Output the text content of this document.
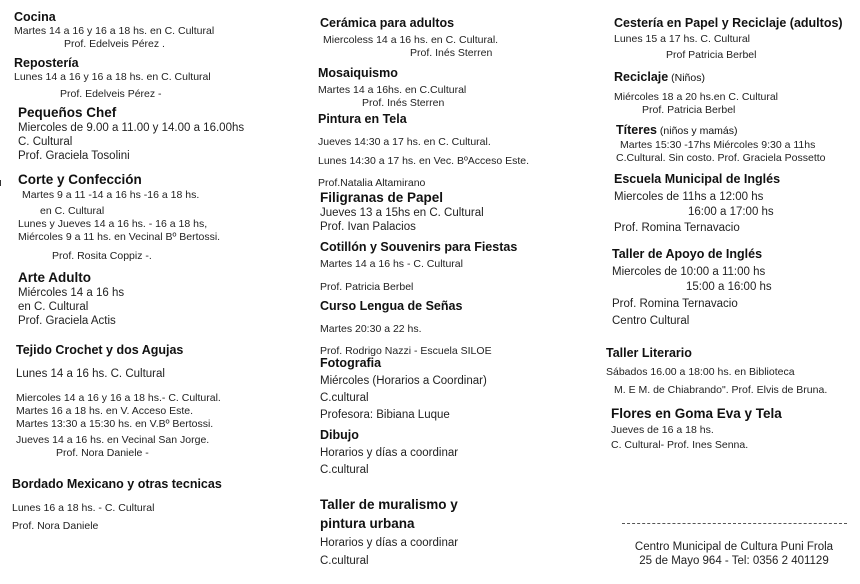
Cocina
Martes 14 a 16 y 16 a 18 hs. en C. Cultural
Prof. Edelveis Pérez .
Repostería
Lunes 14 a 16 y 16 a 18 hs. en C. Cultural
Prof. Edelveis Pérez -
Pequeños Chef
Miercoles de 9.00 a 11.00 y 14.00 a 16.00hs
C. Cultural
Prof. Graciela Tosolini
Corte y Confección
Martes 9 a 11 -14 a 16 hs -16 a 18 hs.
en C. Cultural
Lunes y Jueves 14 a 16 hs. - 16 a 18 hs,
Miércoles 9 a 11 hs. en Vecinal Bº Bertossi.
Prof. Rosita Coppiz -.
Arte Adulto
Miércoles 14 a 16 hs
en C. Cultural
Prof. Graciela Actis
Tejido Crochet y dos Agujas
Lunes 14 a 16 hs. C. Cultural
Miercoles 14 a 16 y 16 a 18 hs.- C. Cultural.
Martes 16 a 18 hs. en V. Acceso Este.
Martes 13:30 a 15:30 hs. en V.Bº Bertossi.
Jueves 14 a 16 hs. en Vecinal San Jorge.
Prof. Nora Daniele -
Bordado Mexicano y otras tecnicas
Lunes 16 a 18 hs. - C. Cultural
Prof. Nora Daniele
Cerámica para adultos
Miercoless 14 a 16 hs. en C. Cultural.
Prof. Inés Sterren
Mosaiquismo
Martes 14 a 16hs. en C.Cultural
Prof. Inés Sterren
Pintura en Tela
Jueves 14:30 a 17 hs. en C. Cultural.
Lunes 14:30 a 17 hs. en Vec. BºAcceso Este.
Prof.Natalia Altamirano
Filigranas de Papel
Jueves 13 a 15hs en C. Cultural
Prof. Ivan Palacios
Cotillón y Souvenirs para Fiestas
Martes 14 a 16 hs - C. Cultural
Prof. Patricia Berbel
Curso Lengua de Señas
Martes 20:30 a 22 hs.
Prof. Rodrigo Nazzi - Escuela SILOE
Fotografia
Miércoles (Horarios a Coordinar)
C.cultural
Profesora: Bibiana Luque
Dibujo
Horarios y días a coordinar
C.cultural
Taller de muralismo y
pintura urbana
Horarios y días a coordinar
C.cultural
Cestería en Papel y Reciclaje (adultos)
Lunes 15 a 17 hs. C. Cultural
Prof Patricia Berbel
Reciclaje (Niños)
Miércoles 18 a 20 hs.en C. Cultural
Prof. Patricia Berbel
Títeres (niños y mamás)
Martes 15:30 -17hs Miércoles 9:30 a 11hs
C.Cultural. Sin costo. Prof. Graciela Possetto
Escuela Municipal de Inglés
Miercoles de 11hs a 12:00 hs
16:00 a 17:00 hs
Prof. Romina Ternavacio
Taller de Apoyo de Inglés
Miercoles de 10:00 a 11:00 hs
15:00 a 16:00 hs
Prof. Romina Ternavacio
Centro Cultural
Taller Literario
Sábados 16.00 a 18:00 hs. en Biblioteca
M. E M. de Chiabrando". Prof. Elvis de Bruna.
Flores en Goma Eva y Tela
Jueves de 16 a 18 hs.
C. Cultural- Prof. Ines Senna.
Centro Municipal de Cultura Puni Frola
25 de Mayo 964 - Tel: 0356 2 401129
